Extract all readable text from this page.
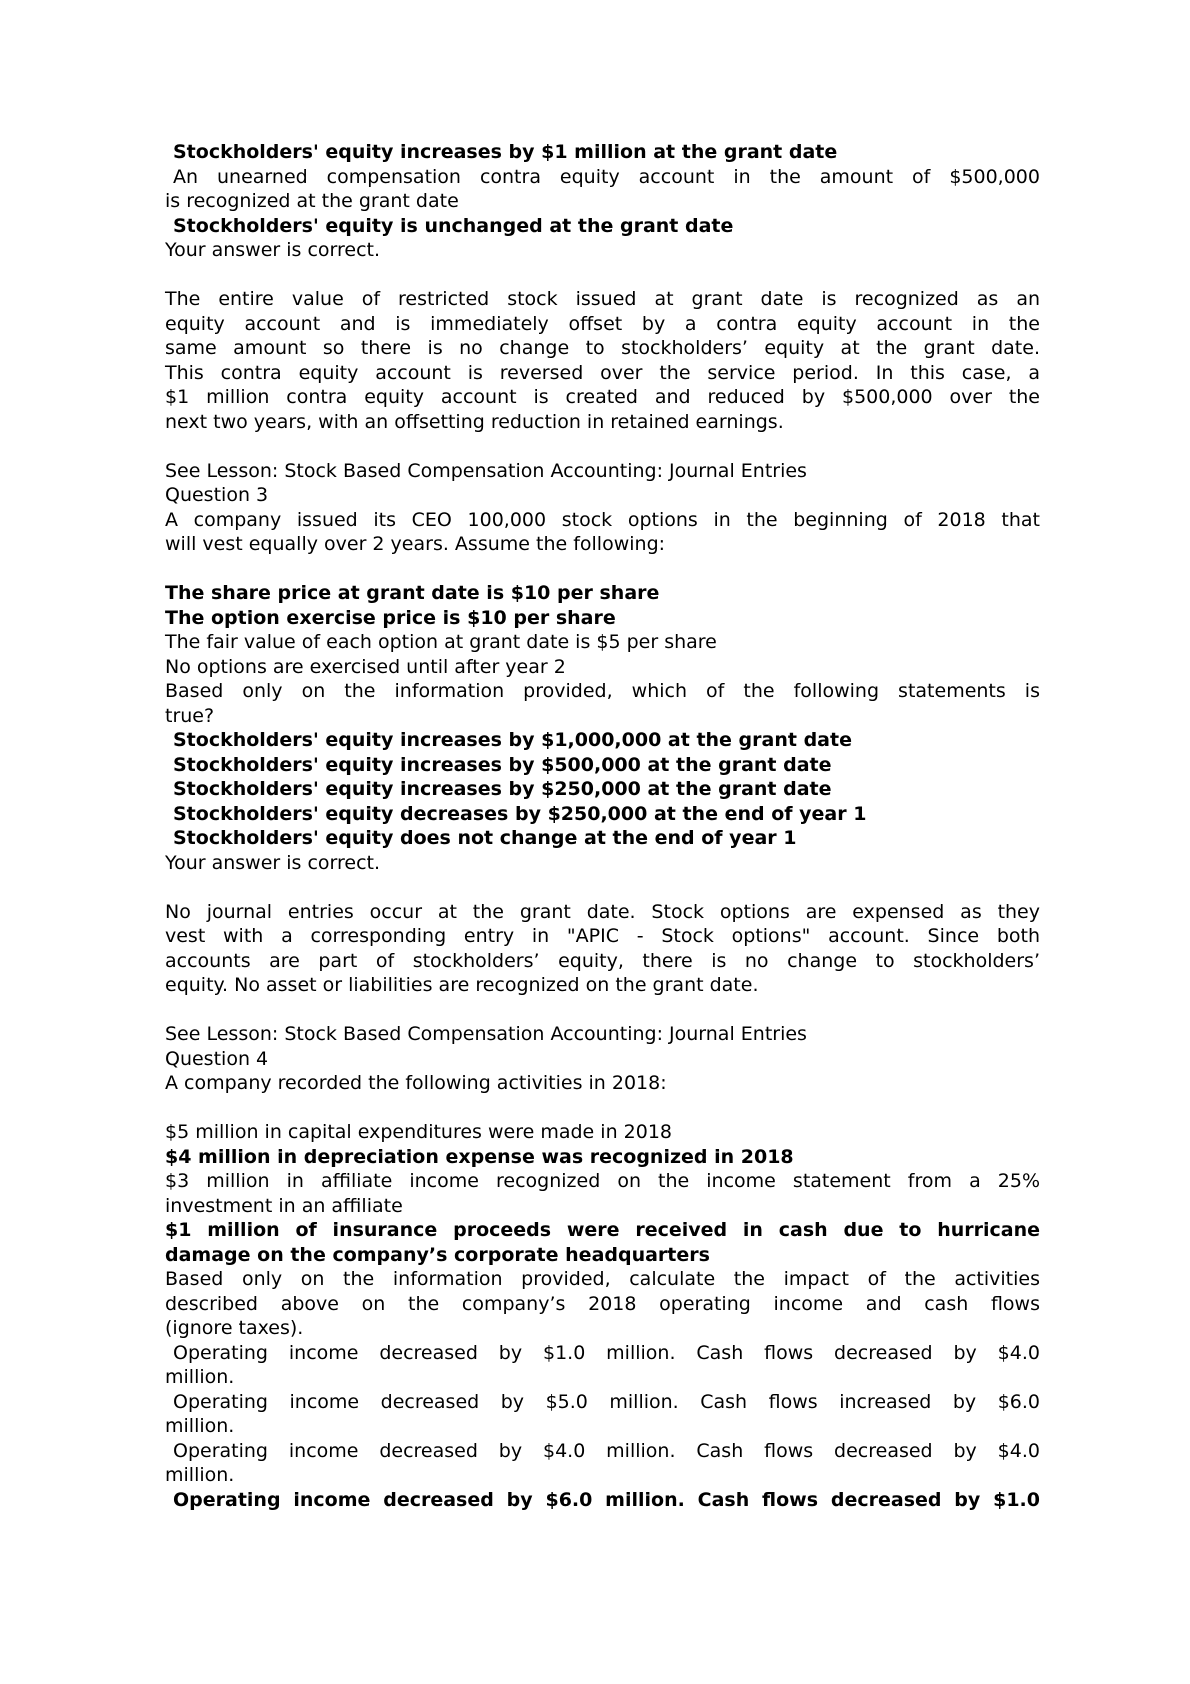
Stockholders' equity increases by $1 million at the grant date

An unearned compensation contra equity account in the amount of $500,000

is recognized at the grant date

Stockholders' equity is unchanged at the grant date

Your answer is correct.

The entire value of restricted stock issued at grant date is recognized as an

equity account and is immediately offset by a contra equity account in the

same amount so there is no change to stockholders’ equity at the grant date.

This contra equity account is reversed over the service period. In this case, a

$1 million contra equity account is created and reduced by $500,000 over the

next two years, with an offsetting reduction in retained earnings.

See Lesson: Stock Based Compensation Accounting: Journal Entries

Question 3

A company issued its CEO 100,000 stock options in the beginning of 2018 that

will vest equally over 2 years. Assume the following:

The share price at grant date is $10 per share

The option exercise price is $10 per share

The fair value of each option at grant date is $5 per share

No options are exercised until after year 2

Based only on the information provided, which of the following statements is

true?

Stockholders' equity increases by $1,000,000 at the grant date

Stockholders' equity increases by $500,000 at the grant date

Stockholders' equity increases by $250,000 at the grant date

Stockholders' equity decreases by $250,000 at the end of year 1

Stockholders' equity does not change at the end of year 1

Your answer is correct.

No journal entries occur at the grant date. Stock options are expensed as they

vest with a corresponding entry in "APIC - Stock options" account. Since both

accounts are part of stockholders’ equity, there is no change to stockholders’

equity. No asset or liabilities are recognized on the grant date.

See Lesson: Stock Based Compensation Accounting: Journal Entries

Question 4

A company recorded the following activities in 2018:

$5 million in capital expenditures were made in 2018

$4 million in depreciation expense was recognized in 2018

$3 million in affiliate income recognized on the income statement from a 25%

investment in an affiliate

$1 million of insurance proceeds were received in cash due to hurricane

damage on the company’s corporate headquarters

Based only on the information provided, calculate the impact of the activities

described above on the company’s 2018 operating income and cash flows

(ignore taxes).

Operating income decreased by $1.0 million. Cash flows decreased by $4.0

million.

Operating income decreased by $5.0 million. Cash flows increased by $6.0

million.

Operating income decreased by $4.0 million. Cash flows decreased by $4.0

million.

Operating income decreased by $6.0 million. Cash flows decreased by $1.0
